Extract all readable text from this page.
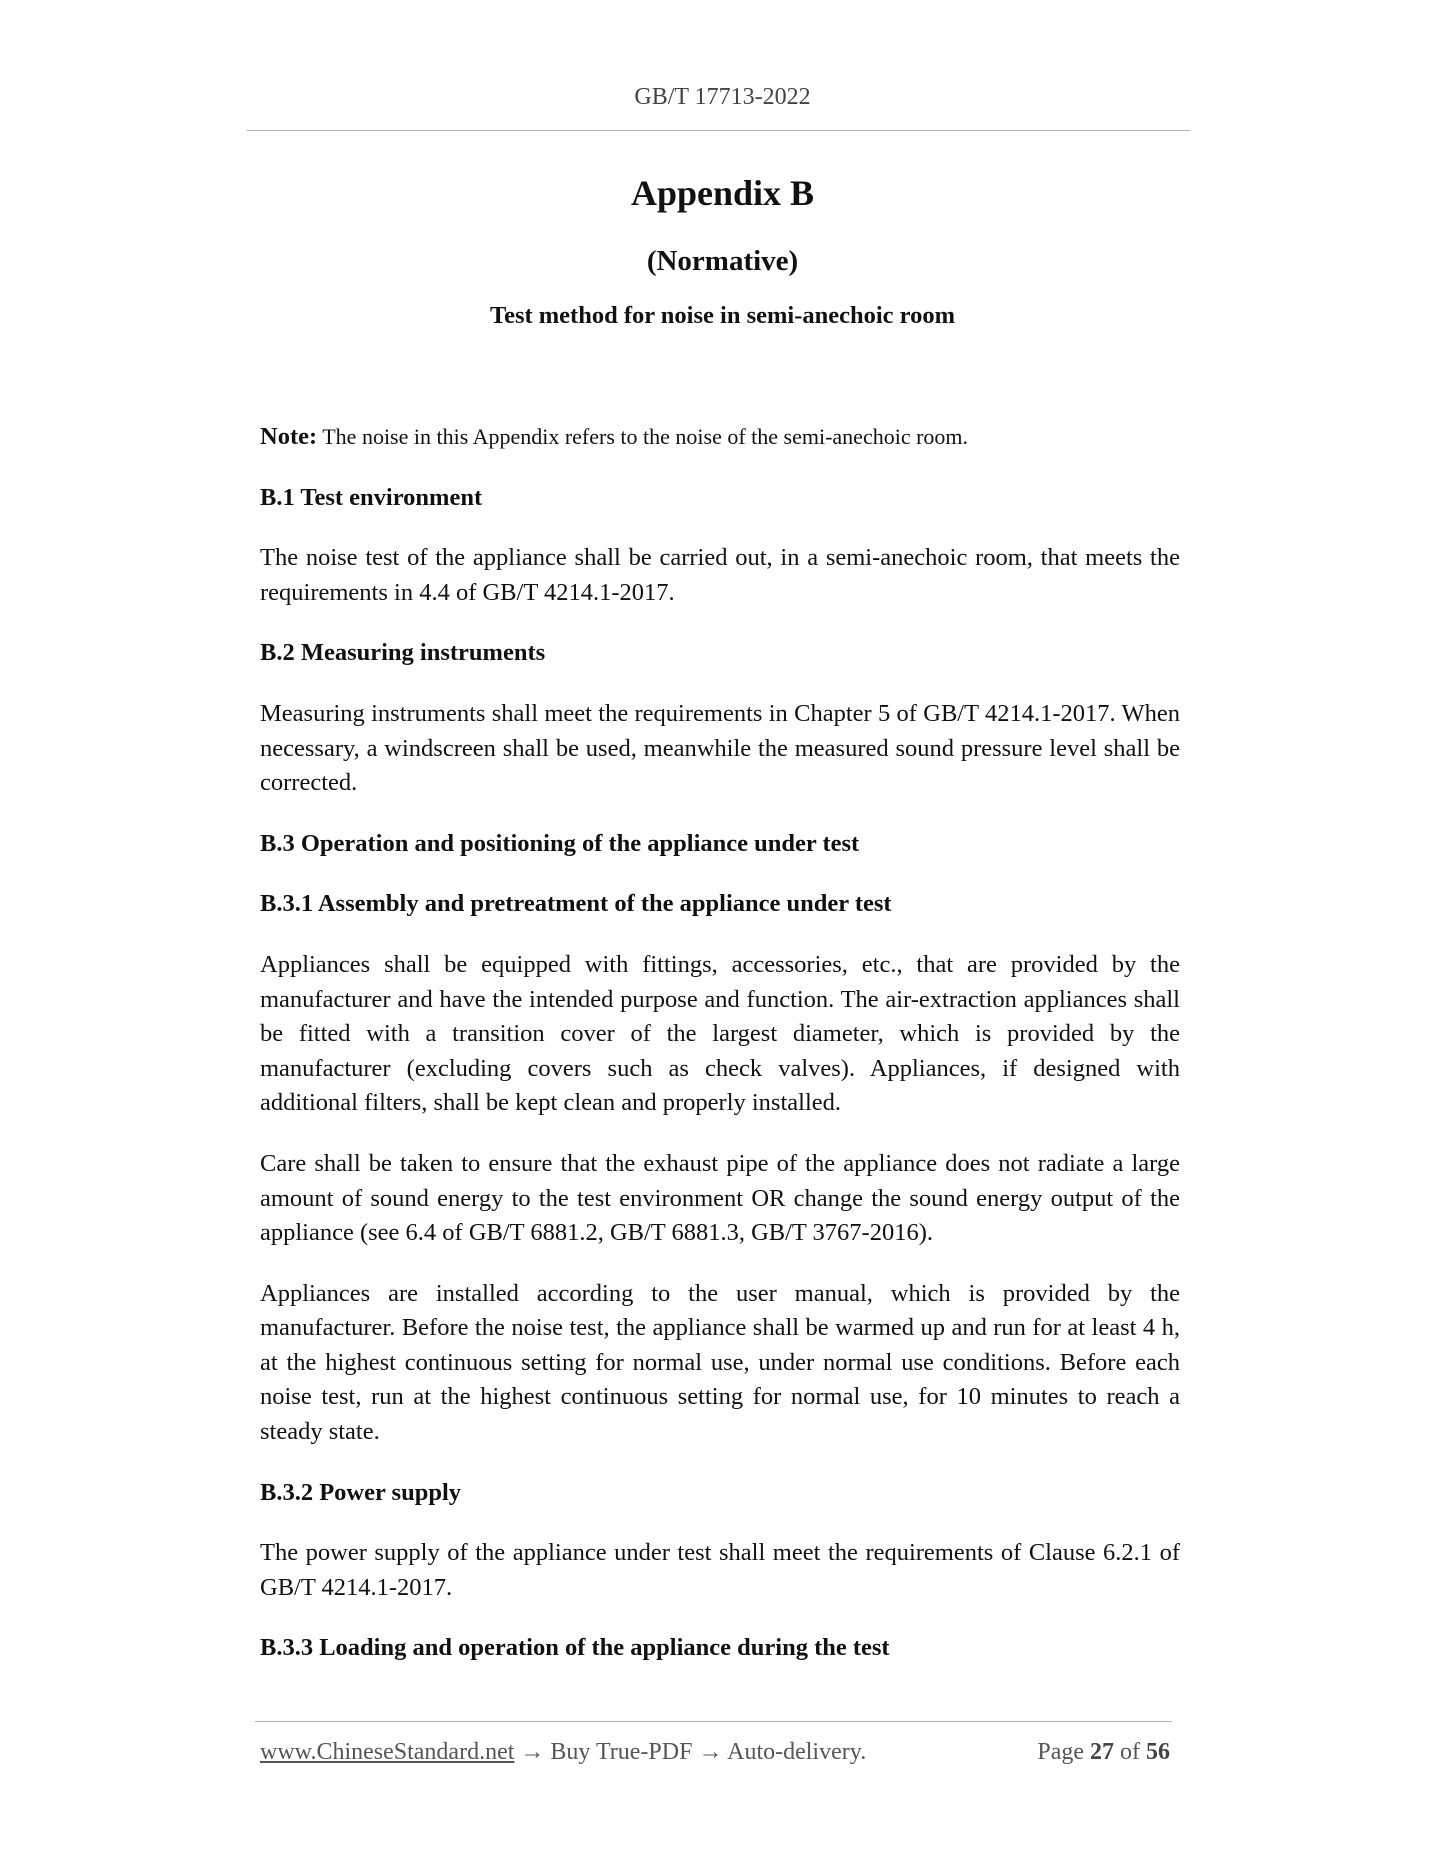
GB/T 17713-2022
Appendix B
(Normative)
Test method for noise in semi-anechoic room

Note: The noise in this Appendix refers to the noise of the semi-anechoic room.

B.1 Test environment

The noise test of the appliance shall be carried out, in a semi-anechoic room, that meets the requirements in 4.4 of GB/T 4214.1-2017.

B.2 Measuring instruments

Measuring instruments shall meet the requirements in Chapter 5 of GB/T 4214.1-2017. When necessary, a windscreen shall be used, meanwhile the measured sound pressure level shall be corrected.

B.3 Operation and positioning of the appliance under test
B.3.1 Assembly and pretreatment of the appliance under test

Appliances shall be equipped with fittings, accessories, etc., that are provided by the manufacturer and have the intended purpose and function. The air-extraction appliances shall be fitted with a transition cover of the largest diameter, which is provided by the manufacturer (excluding covers such as check valves). Appliances, if designed with additional filters, shall be kept clean and properly installed.

Care shall be taken to ensure that the exhaust pipe of the appliance does not radiate a large amount of sound energy to the test environment OR change the sound energy output of the appliance (see 6.4 of GB/T 6881.2, GB/T 6881.3, GB/T 3767-2016).

Appliances are installed according to the user manual, which is provided by the manufacturer. Before the noise test, the appliance shall be warmed up and run for at least 4 h, at the highest continuous setting for normal use, under normal use conditions. Before each noise test, run at the highest continuous setting for normal use, for 10 minutes to reach a steady state.

B.3.2 Power supply

The power supply of the appliance under test shall meet the requirements of Clause 6.2.1 of GB/T 4214.1-2017.

B.3.3 Loading and operation of the appliance during the test
www.ChineseStandard.net → Buy True-PDF → Auto-delivery.	Page 27 of 56
